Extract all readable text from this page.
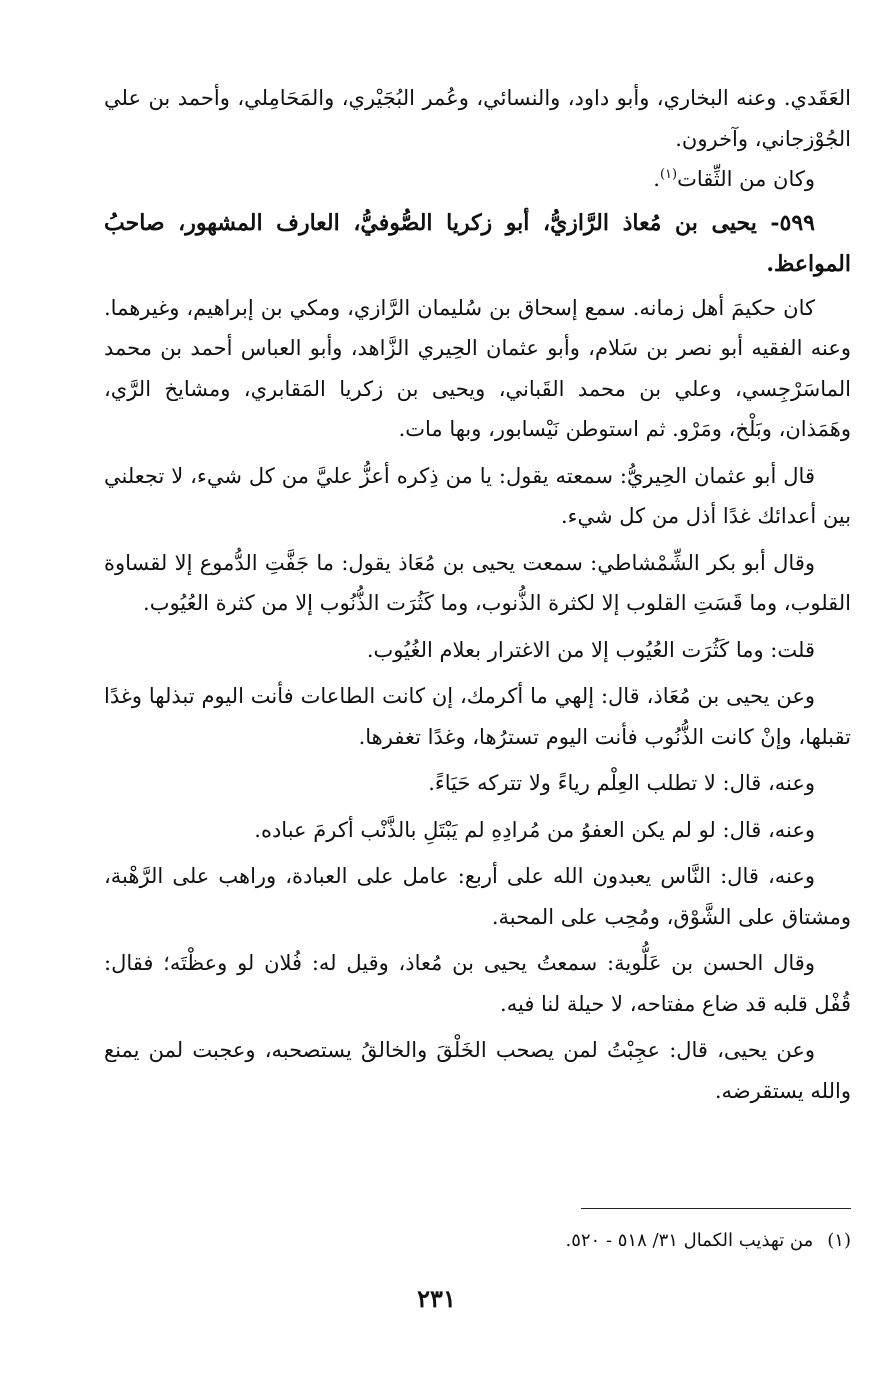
العَقَدي. وعنه البخاري، وأبو داود، والنسائي، وعُمر البُجَيْري، والمَحَامِلي، وأحمد بن علي الجُوْزجاني، وآخرون.

وكان من الثِّقات$^{(١)}$.

٥٩٩- يحيى بن مُعاذ الرَّازيُّ، أبو زكريا الصُّوفيُّ، العارف المشهور، صاحبُ المواعظ.

كان حكيمَ أهل زمانه. سمع إسحاق بن سُليمان الرَّازي، ومكي بن إبراهيم، وغيرهما. وعنه الفقيه أبو نصر بن سَلام، وأبو عثمان الحِيري الزَّاهد، وأبو العباس أحمد بن محمد الماسَرْجِسي، وعلي بن محمد القَباني، ويحيى بن زكريا المَقابري، ومشايخ الرَّي، وهَمَذان، وبَلْخ، ومَرْو. ثم استوطن نَيْسابور، وبها مات.

قال أبو عثمان الحِيريُّ: سمعته يقول: يا من ذِكره أعزُّ عليَّ من كل شيء، لا تجعلني بين أعدائك غدًا أذل من كل شيء.

وقال أبو بكر الشِّمْشاطي: سمعت يحيى بن مُعَاذ يقول: ما جَفَّتِ الدُّموع إلا لقساوة القلوب، وما قَسَتِ القلوب إلا لكثرة الذُّنوب، وما كَثُرَت الذُّنُوب إلا من كثرة العُيُوب.

قلت: وما كَثُرَت العُيُوب إلا من الاغترار بعلام الغُيُوب.

وعن يحيى بن مُعَاذ، قال: إلهي ما أكرمك، إن كانت الطاعات فأنت اليوم تبذلها وغدًا تقبلها، وإنْ كانت الذُّنُوب فأنت اليوم تسترُها، وغدًا تغفرها.

وعنه، قال: لا تطلب العِلْم رياءً ولا تتركه حَيَاءً.

وعنه، قال: لو لم يكن العفوُ من مُرادِهِ لم يَبْتَلِ بالذَّنْب أكرمَ عباده.

وعنه، قال: النَّاس يعبدون الله على أربع: عامل على العبادة، وراهب على الرَّهْبة، ومشتاق على الشَّوْق، ومُحِب على المحبة.

وقال الحسن بن عَلُّوية: سمعتُ يحيى بن مُعاذ، وقيل له: فُلان لو وعظْتَه؛ فقال: قُفْل قلبه قد ضاع مفتاحه، لا حيلة لنا فيه.

وعن يحيى، قال: عجِبْتُ لمن يصحب الخَلْقَ والخالقُ يستصحبه، وعجبت لمن يمنع والله يستقرضه.

(١)من تهذيب الكمال ٣١/ ٥١٨ - ٥٢٠.

٢٣١
